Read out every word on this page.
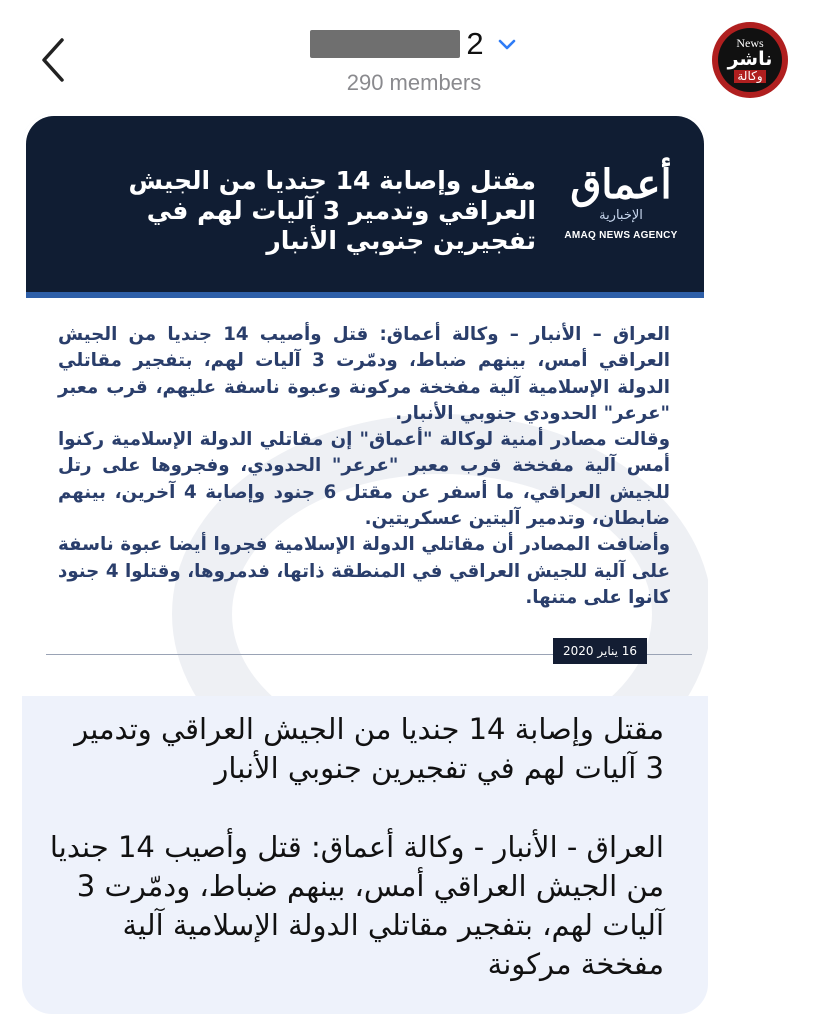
2
290 members
News
ناشر
وكالة
مقتل وإصابة 14 جنديا من الجيش العراقي وتدمير 3 آليات لهم في تفجيرين جنوبي الأنبار
أعماق
الإخبارية
AMAQ NEWS AGENCY

العراق – الأنبار – وكالة أعماق: قتل وأصيب 14 جنديا من الجيش العراقي أمس، بينهم ضباط، ودمّرت 3 آليات لهم، بتفجير مقاتلي الدولة الإسلامية آلية مفخخة مركونة وعبوة ناسفة عليهم، قرب معبر "عرعر" الحدودي جنوبي الأنبار.

وقالت مصادر أمنية لوكالة "أعماق" إن مقاتلي الدولة الإسلامية ركنوا أمس آلية مفخخة قرب معبر "عرعر" الحدودي، وفجروها على رتل للجيش العراقي، ما أسفر عن مقتل 6 جنود وإصابة 4 آخرين، بينهم ضابطان، وتدمير آليتين عسكريتين.

وأضافت المصادر أن مقاتلي الدولة الإسلامية فجروا أيضا عبوة ناسفة على آلية للجيش العراقي في المنطقة ذاتها، فدمروها، وقتلوا 4 جنود كانوا على متنها.

16 يناير 2020
مقتل وإصابة 14 جنديا من الجيش العراقي وتدمير 3 آليات لهم في تفجيرين جنوبي الأنبار
العراق - الأنبار - وكالة أعماق: قتل وأصيب 14 جنديا من الجيش العراقي أمس، بينهم ضباط، ودمّرت 3 آليات لهم، بتفجير مقاتلي الدولة الإسلامية آلية مفخخة مركونة
